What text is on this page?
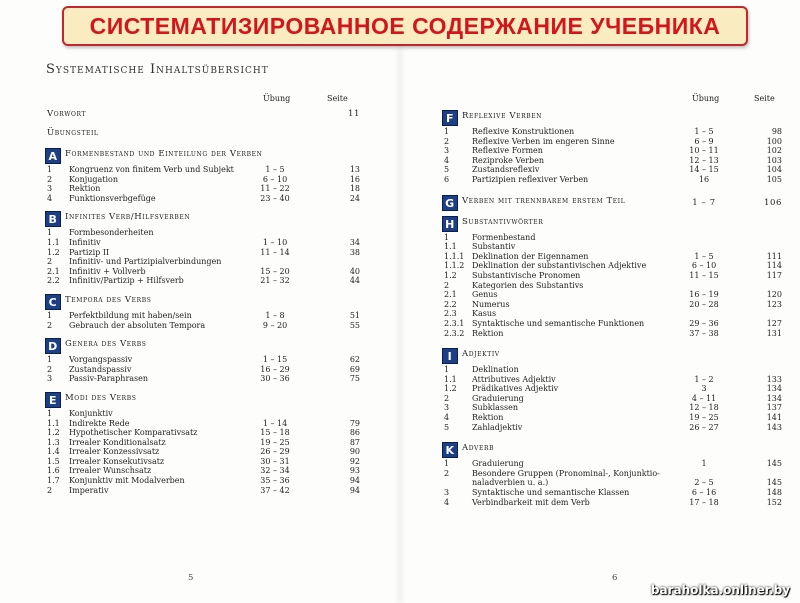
СИСТЕМАТИЗИРОВАННОЕ СОДЕРЖАНИЕ УЧЕБНИКА
Systematische Inhaltsübersicht
Übung	Seite
Vorwort	11
Übungsteil
A Formenbestand und Einteilung der Verben
1 Kongruenz von finitem Verb und Subjekt	1 – 5	13
2 Konjugation	6 – 10	16
3 Rektion	11 – 22	18
4 Funktionsverbgefüge	23 – 40	24
B Infinites Verb/Hilfsverben
1 Formbesonderheiten
1.1 Infinitiv	1 – 10	34
1.2 Partizip II	11 – 14	38
2 Infinitiv- und Partizipialverbindungen
2.1 Infinitiv + Vollverb	15 – 20	40
2.2 Infinitiv/Partizip + Hilfsverb	21 – 32	44
C Tempora des Verbs
1 Perfektbildung mit haben/sein	1 – 8	51
2 Gebrauch der absoluten Tempora	9 – 20	55
D Genera des Verbs
1 Vorgangspassiv	1 – 15	62
2 Zustandspassiv	16 – 29	69
3 Passiv-Paraphrasen	30 – 36	75
E Modi des Verbs
1 Konjunktiv
1.1 Indirekte Rede	1 – 14	79
1.2 Hypothetischer Komparativsatz	15 – 18	86
1.3 Irrealer Konditionalsatz	19 – 25	87
1.4 Irrealer Konzessivsatz	26 – 29	90
1.5 Irrealer Konsekutivsatz	30 – 31	92
1.6 Irrealer Wunschsatz	32 – 34	93
1.7 Konjunktiv mit Modalverben	35 – 36	94
2 Imperativ	37 – 42	94
Übung	Seite
F Reflexive Verben
1	Reflexive Konstruktionen	1 – 5	98
2	Reflexive Verben im engeren Sinne	6 – 9	100
3	Reflexive Formen	10 – 11	102
4	Reziproke Verben	12 – 13	103
5	Zustandsreflexiv	14 – 15	104
6	Partizipien reflexiver Verben	16	105
G Verben mit trennbarem erstem Teil	1 – 7	106
H Substantivwörter
1	Formenbestand
1.1 Substantiv
1.1.1 Deklination der Eigennamen	1 – 5	111
1.1.2 Deklination der substantivischen Adjektive	6 – 10	114
1.2 Substantivische Pronomen	11 – 15	117
2	Kategorien des Substantivs
2.1 Genus	16 – 19	120
2.2 Numerus	20 – 28	123
2.3 Kasus
2.3.1 Syntaktische und semantische Funktionen	29 – 36	127
2.3.2 Rektion	37 – 38	131
I Adjektiv
1	Deklination
1.1 Attributives Adjektiv	1 – 2	133
1.2 Prädikatives Adjektiv	3	134
2	Graduierung	4 – 11	134
3	Subklassen	12 – 18	137
4	Rektion	19 – 25	141
5	Zahladjektiv	26 – 27	143
K Adverb
1	Graduierung	1	145
2	Besondere Gruppen (Pronominal-, Konjunktio-
naladverbien u. a.)	2 – 5	145
3	Syntaktische und semantische Klassen	6 – 16	148
4	Verbindbarkeit mit dem Verb	17 – 18	152
5	6
baraholka.onliner.by
